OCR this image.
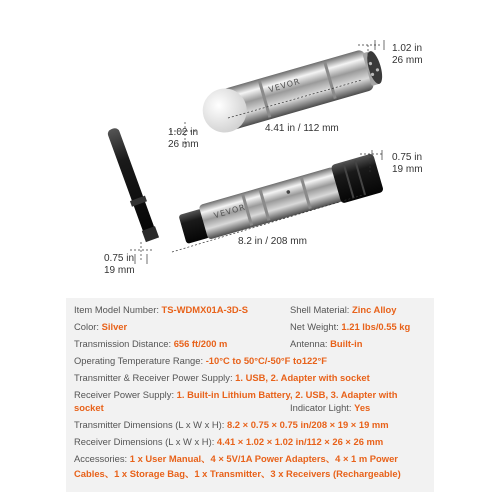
VEVOR
VEVOR
1.02 in
26 mm
4.41 in / 112 mm
1.02 in
26 mm
0.75 in
19 mm
8.2 in / 208 mm
0.75 in
19 mm
Item Model Number: TS-WDMX01A-3D-S	Shell Material: Zinc Alloy
Color: Silver	Net Weight: 1.21 lbs/0.55 kg
Transmission Distance: 656 ft/200 m	Antenna: Built-in
Operating Temperature Range: -10°C to 50°C/-50°F to122°F
Transmitter & Receiver Power Supply: 1. USB, 2. Adapter with socket
Receiver Power Supply: 1. Built-in Lithium Battery, 2. USB, 3. Adapter with
socket	Indicator Light: Yes
Transmitter Dimensions (L x W x H): 8.2 × 0.75 × 0.75 in/208 × 19 × 19 mm
Receiver Dimensions (L x W x H): 4.41 × 1.02 × 1.02 in/112 × 26 × 26 mm
Accessories: 1 x User Manual、4 × 5V/1A Power Adapters、4 × 1 m Power
Cables、1 x Storage Bag、1 x Transmitter、3 x Receivers (Rechargeable)
